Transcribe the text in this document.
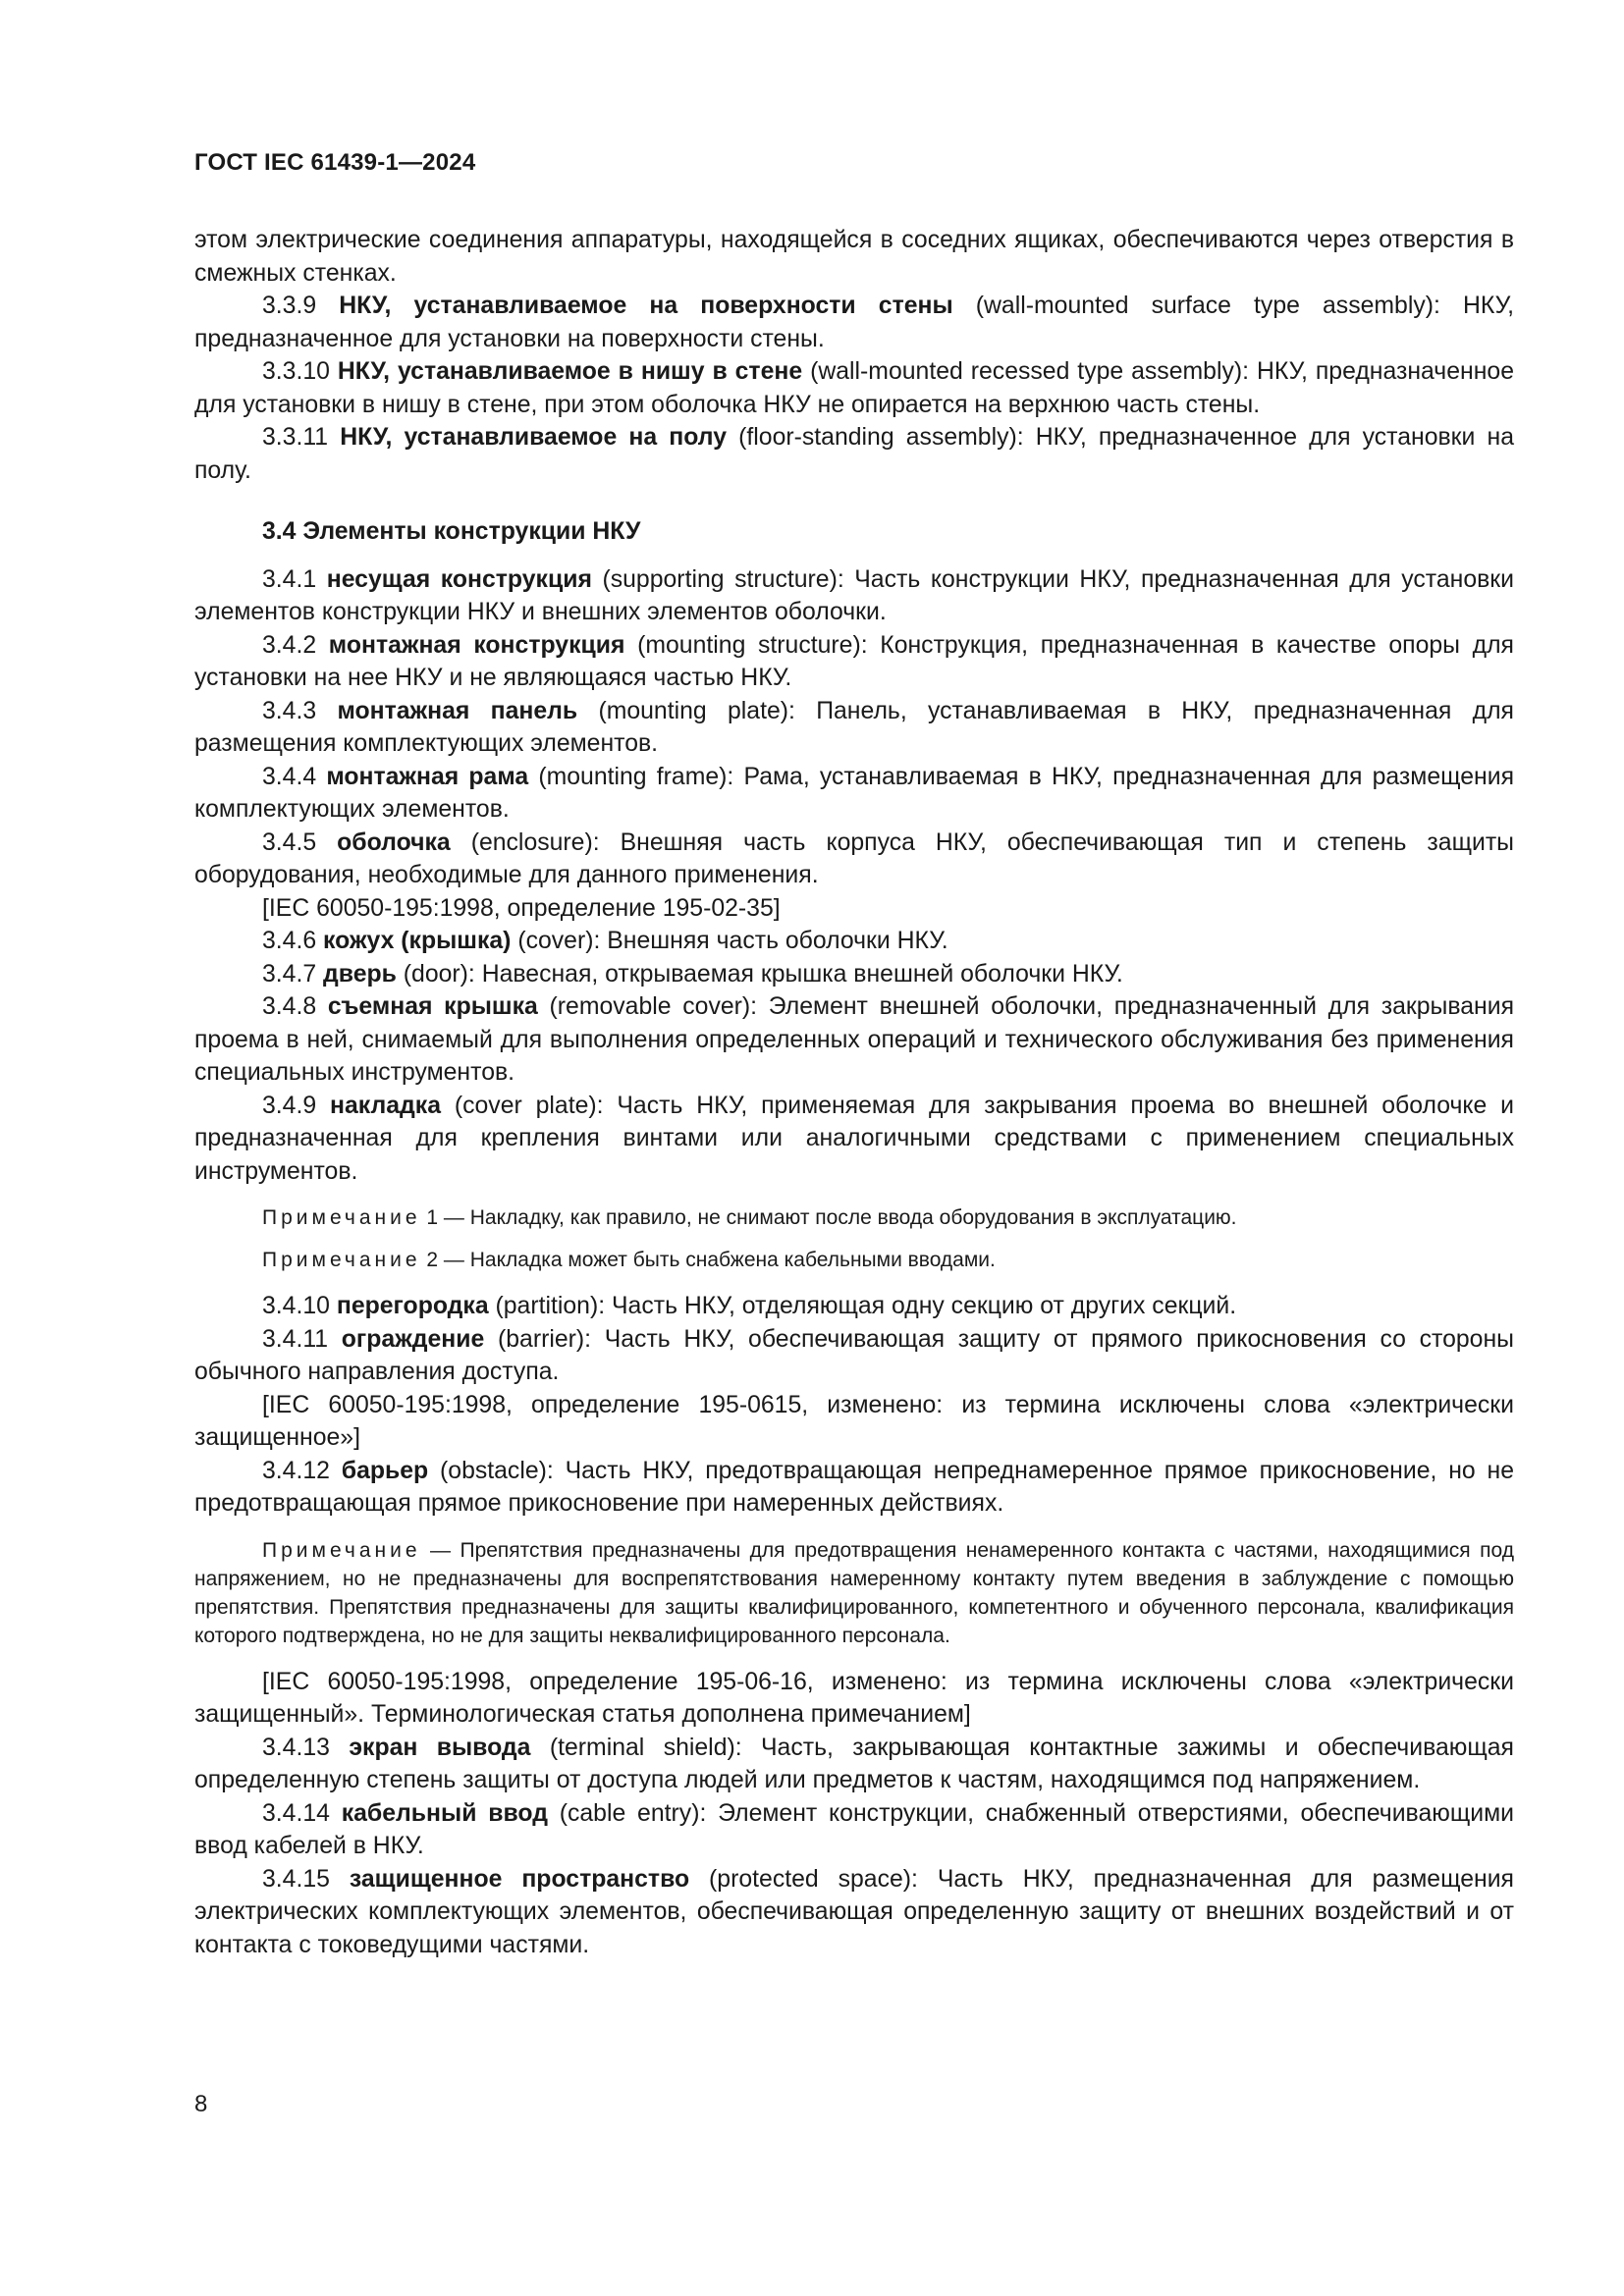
ГОСТ IEC 61439-1—2024

этом электрические соединения аппаратуры, находящейся в соседних ящиках, обеспечиваются через отверстия в смежных стенках.

3.3.9 НКУ, устанавливаемое на поверхности стены (wall-mounted surface type assembly): НКУ, предназначенное для установки на поверхности стены.

3.3.10 НКУ, устанавливаемое в нишу в стене (wall-mounted recessed type assembly): НКУ, предназначенное для установки в нишу в стене, при этом оболочка НКУ не опирается на верхнюю часть стены.

3.3.11 НКУ, устанавливаемое на полу (floor-standing assembly): НКУ, предназначенное для установки на полу.

3.4 Элементы конструкции НКУ

3.4.1 несущая конструкция (supporting structure): Часть конструкции НКУ, предназначенная для установки элементов конструкции НКУ и внешних элементов оболочки.

3.4.2 монтажная конструкция (mounting structure): Конструкция, предназначенная в качестве опоры для установки на нее НКУ и не являющаяся частью НКУ.

3.4.3 монтажная панель (mounting plate): Панель, устанавливаемая в НКУ, предназначенная для размещения комплектующих элементов.

3.4.4 монтажная рама (mounting frame): Рама, устанавливаемая в НКУ, предназначенная для размещения комплектующих элементов.

3.4.5 оболочка (enclosure): Внешняя часть корпуса НКУ, обеспечивающая тип и степень защиты оборудования, необходимые для данного применения.

[IEC 60050-195:1998, определение 195-02-35]

3.4.6 кожух (крышка) (cover): Внешняя часть оболочки НКУ.

3.4.7 дверь (door): Навесная, открываемая крышка внешней оболочки НКУ.

3.4.8 съемная крышка (removable cover): Элемент внешней оболочки, предназначенный для закрывания проема в ней, снимаемый для выполнения определенных операций и технического обслуживания без применения специальных инструментов.

3.4.9 накладка (cover plate): Часть НКУ, применяемая для закрывания проема во внешней оболочке и предназначенная для крепления винтами или аналогичными средствами с применением специальных инструментов.

Примечание 1 — Накладку, как правило, не снимают после ввода оборудования в эксплуатацию.

Примечание 2 — Накладка может быть снабжена кабельными вводами.

3.4.10 перегородка (partition): Часть НКУ, отделяющая одну секцию от других секций.

3.4.11 ограждение (barrier): Часть НКУ, обеспечивающая защиту от прямого прикосновения со стороны обычного направления доступа.

[IEC 60050-195:1998, определение 195-0615, изменено: из термина исключены слова «электрически защищенное»]

3.4.12 барьер (obstacle): Часть НКУ, предотвращающая непреднамеренное прямое прикосновение, но не предотвращающая прямое прикосновение при намеренных действиях.

Примечание — Препятствия предназначены для предотвращения ненамеренного контакта с частями, находящимися под напряжением, но не предназначены для воспрепятствования намеренному контакту путем введения в заблуждение с помощью препятствия. Препятствия предназначены для защиты квалифицированного, компетентного и обученного персонала, квалификация которого подтверждена, но не для защиты неквалифицированного персонала.

[IEC 60050-195:1998, определение 195-06-16, изменено: из термина исключены слова «электрически защищенный». Терминологическая статья дополнена примечанием]

3.4.13 экран вывода (terminal shield): Часть, закрывающая контактные зажимы и обеспечивающая определенную степень защиты от доступа людей или предметов к частям, находящимся под напряжением.

3.4.14 кабельный ввод (cable entry): Элемент конструкции, снабженный отверстиями, обеспечивающими ввод кабелей в НКУ.

3.4.15 защищенное пространство (protected space): Часть НКУ, предназначенная для размещения электрических комплектующих элементов, обеспечивающая определенную защиту от внешних воздействий и от контакта с токоведущими частями.

8
